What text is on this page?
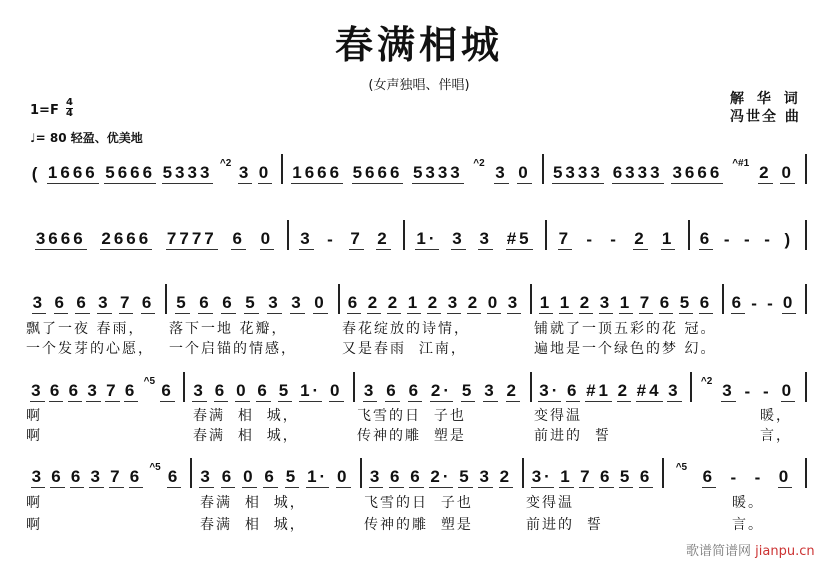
春满相城
(女声独唱、伴唱)
1=F
4
4
解 华 词
冯世全 曲
♩= 80 轻盈、优美地
( 1666 5666 5333 ^2 3 0 1666 5666 5333 ^2 3 0 5333 6333 3666 ^#1 2 0
3666 2666 7777 6 0 3 - 7 2 1· 3 3 #5 7 - - 2 1 6 - - - )
3 6 6 3 7 6 5 6 6 5 3 3 0 6 2 2 1 2 3 2 0 3 1 1 2 3 1 7 6 5 6 6 - - 0
飘了一夜 春雨， 落下一地 花瓣，	春花绽放的诗情，	铺就了一顶五彩的花 冠。
一个发芽的心愿， 一个启锚的情感，	又是春雨  江南，	遍地是一个绿色的梦 幻。
3 6 6 3 7 6 ^5 6 3 6 0 6 5 1· 0 3 6 6 2· 5 3 2 3· 6 #1 2 #4 3 ^2 3 - - 0
啊	春满  相  城，	飞雪的日  子也	变得温	暖，
啊	春满  相  城，	传神的雕  塑是	前进的  誓	言，
3 6 6 3 7 6 ^5 6 3 6 0 6 5 1· 0 3 6 6 2· 5 3 2 3· 1 7 6 5 6 ^5 6 - - 0
啊	春满  相  城，	飞雪的日  子也	变得温	暖。
啊	春满  相  城，	传神的雕  塑是	前进的  誓	言。
歌谱简谱网 jianpu.cn
